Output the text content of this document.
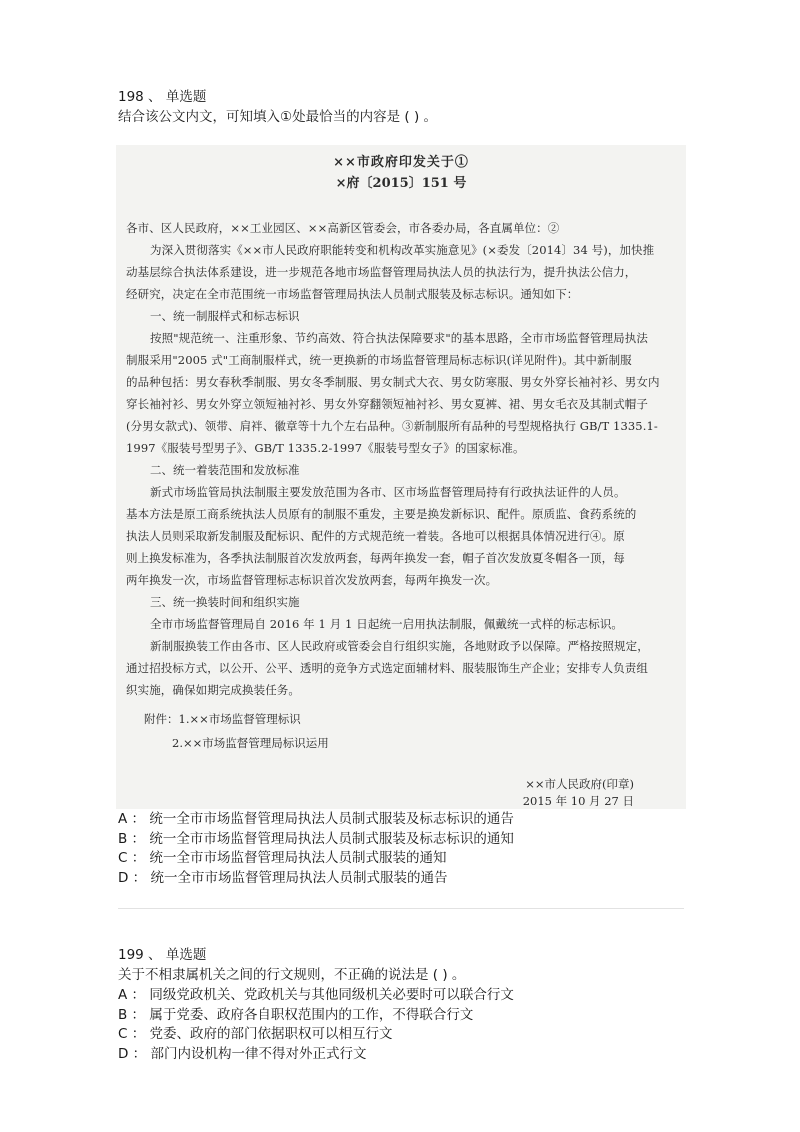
198 、 单选题
结合该公文内文，可知填入①处最恰当的内容是 ( ) 。
××市政府印发关于①
×府〔2015〕151 号
各市、区人民政府，××工业园区、××高新区管委会，市各委办局，各直属单位：②
为深入贯彻落实《××市人民政府职能转变和机构改革实施意见》(×委发〔2014〕34 号)，加快推
动基层综合执法体系建设，进一步规范各地市场监督管理局执法人员的执法行为，提升执法公信力，
经研究，决定在全市范围统一市场监督管理局执法人员制式服装及标志标识。通知如下：
一、统一制服样式和标志标识
按照"规范统一、注重形象、节约高效、符合执法保障要求"的基本思路，全市市场监督管理局执法
制服采用"2005 式"工商制服样式，统一更换新的市场监督管理局标志标识(详见附件)。其中新制服
的品种包括：男女春秋季制服、男女冬季制服、男女制式大衣、男女防寒服、男女外穿长袖衬衫、男女内
穿长袖衬衫、男女外穿立领短袖衬衫、男女外穿翻领短袖衬衫、男女夏裤、裙、男女毛衣及其制式帽子
(分男女款式)、领带、肩袢、徽章等十九个左右品种。③新制服所有品种的号型规格执行 GB/T 1335.1-
1997《服装号型男子》、GB/T 1335.2-1997《服装号型女子》的国家标准。
二、统一着装范围和发放标准
新式市场监管局执法制服主要发放范围为各市、区市场监督管理局持有行政执法证件的人员。
基本方法是原工商系统执法人员原有的制服不重发，主要是换发新标识、配件。原质监、食药系统的
执法人员则采取新发制服及配标识、配件的方式规范统一着装。各地可以根据具体情况进行④。原
则上换发标准为，各季执法制服首次发放两套，每两年换发一套，帽子首次发放夏冬帽各一顶，每
两年换发一次，市场监督管理标志标识首次发放两套，每两年换发一次。
三、统一换装时间和组织实施
全市市场监督管理局自 2016 年 1 月 1 日起统一启用执法制服，佩戴统一式样的标志标识。
新制服换装工作由各市、区人民政府或管委会自行组织实施，各地财政予以保障。严格按照规定，
通过招投标方式，以公开、公平、透明的竞争方式选定面辅材料、服装服饰生产企业；安排专人负责组
织实施，确保如期完成换装任务。
附件：1.××市场监督管理标识
2.××市场监督管理局标识运用
××市人民政府(印章)
2015 年 10 月 27 日
A ： 统一全市市场监督管理局执法人员制式服装及标志标识的通告
B ： 统一全市市场监督管理局执法人员制式服装及标志标识的通知
C ： 统一全市市场监督管理局执法人员制式服装的通知
D ： 统一全市市场监督管理局执法人员制式服装的通告
199 、 单选题
关于不相隶属机关之间的行文规则，不正确的说法是 ( ) 。
A ： 同级党政机关、党政机关与其他同级机关必要时可以联合行文
B ： 属于党委、政府各自职权范围内的工作，不得联合行文
C ： 党委、政府的部门依据职权可以相互行文
D ： 部门内设机构一律不得对外正式行文
